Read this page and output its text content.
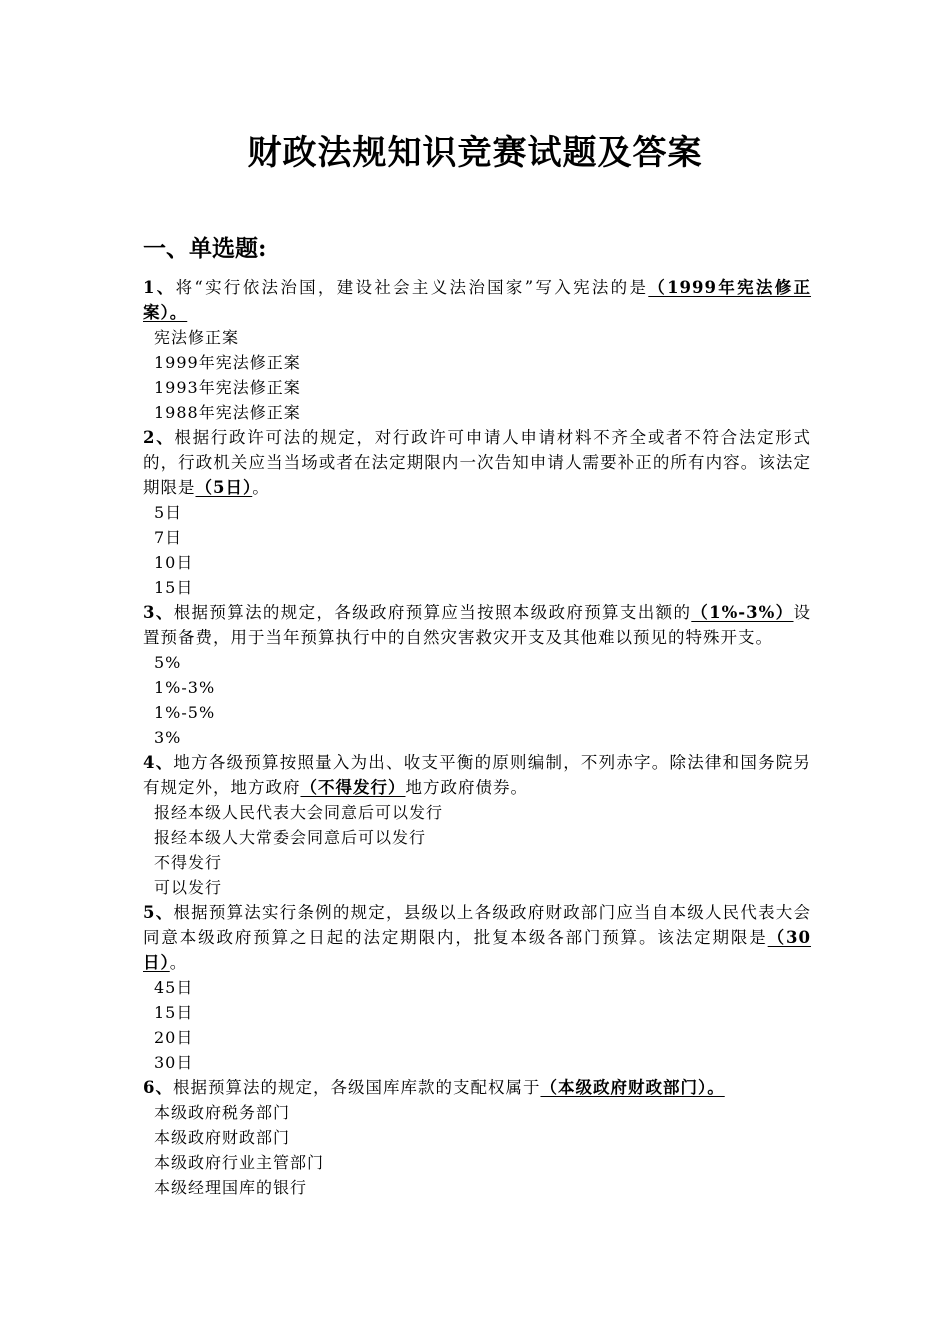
财政法规知识竞赛试题及答案
一、单选题:

1、将“实行依法治国，建设社会主义法治国家”写入宪法的是（1999年宪法修正案）。

宪法修正案

1999年宪法修正案

1993年宪法修正案

1988年宪法修正案

2、根据行政许可法的规定，对行政许可申请人申请材料不齐全或者不符合法定形式的，行政机关应当当场或者在法定期限内一次告知申请人需要补正的所有内容。该法定期限是（5日）。

5日

7日

10日

15日

3、根据预算法的规定，各级政府预算应当按照本级政府预算支出额的（1%-3%）设置预备费，用于当年预算执行中的自然灾害救灾开支及其他难以预见的特殊开支。

5%

1%-3%

1%-5%

3%

4、地方各级预算按照量入为出、收支平衡的原则编制，不列赤字。除法律和国务院另有规定外，地方政府（不得发行）地方政府债券。

报经本级人民代表大会同意后可以发行

报经本级人大常委会同意后可以发行

不得发行

可以发行

5、根据预算法实行条例的规定，县级以上各级政府财政部门应当自本级人民代表大会同意本级政府预算之日起的法定期限内，批复本级各部门预算。该法定期限是（30日）。

45日

15日

20日

30日

6、根据预算法的规定，各级国库库款的支配权属于（本级政府财政部门）。

本级政府税务部门

本级政府财政部门

本级政府行业主管部门

本级经理国库的银行
